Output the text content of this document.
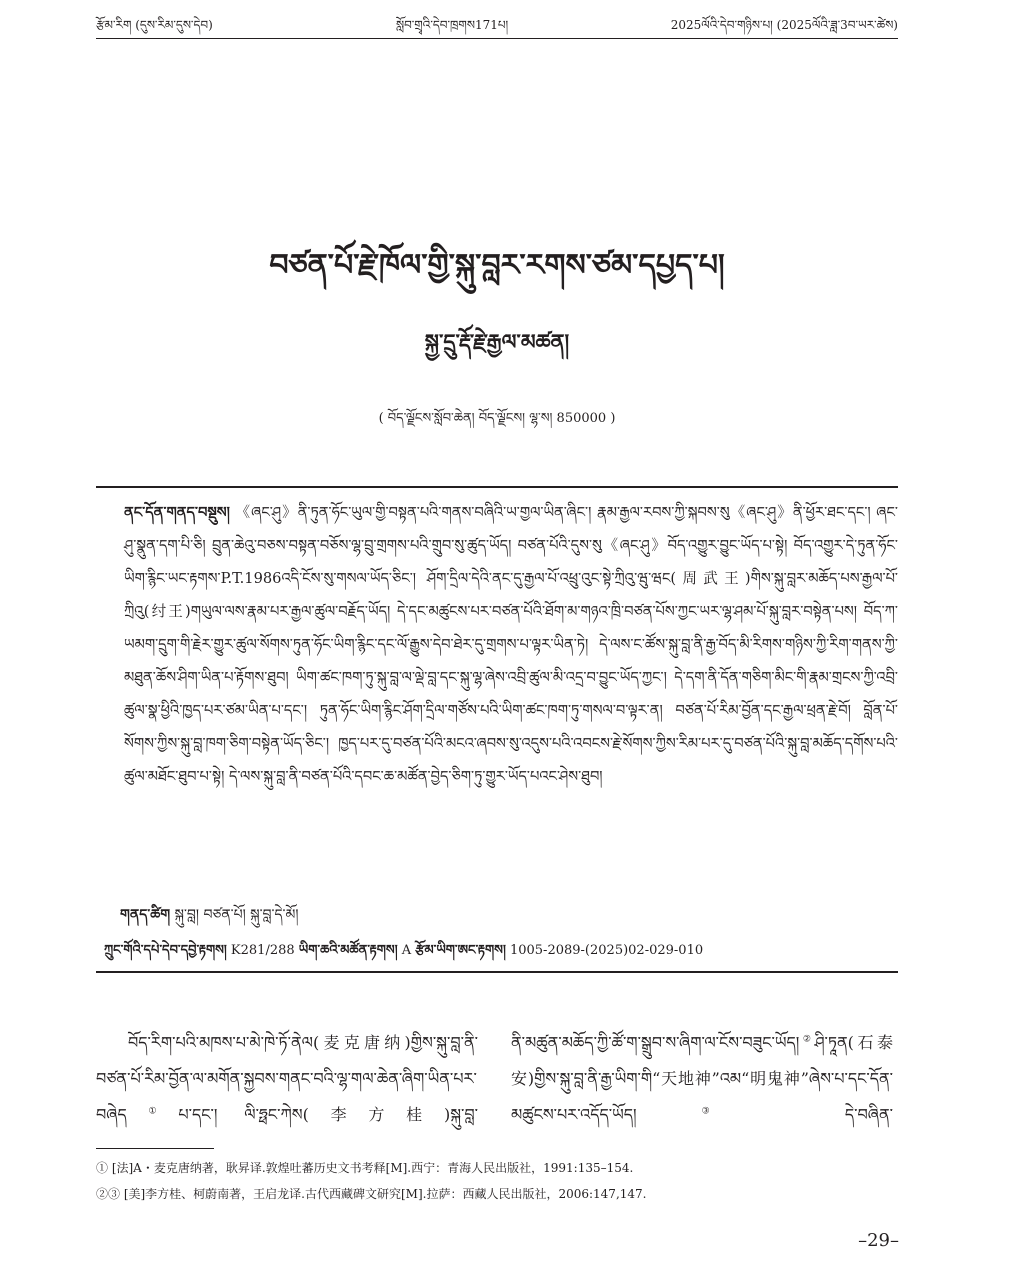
རྩོམ་རིག (དུས་རིམ་དུས་དེབ)	སློབ་གྲྭའི་དེབ་ཁྲགས171པ།	2025ལོའི་དེབ་གཉིས་པ། (2025ལོའི་ཟླ་3བ་ཡར་ཚེས)
བཙན་པོ་རྗེ་ཁོལ་གྱི་སྐུ་བླར་རགས་ཙམ་དཔྱད་པ།
སྐྱ་དྲུ་རྡོ་རྗེ་རྒྱལ་མཚན།
( བོད་ལྗོངས་སློབ་ཆེན། བོད་ལྗོངས། ལྷ་ས། 850000 )
ནང་དོན་གནད་བསྡུས། 《ཞང་ཤུ》ནི་ཏུན་ཧོང་ཡུལ་གྱི་བསྟན་པའི་གནས་བཞིའི་ཡ་གྱལ་ཡིན་ཞིང་། རྣམ་རྒྱལ་རབས་ཀྱི་སྐབས་སུ《ཞང་ཤུ》ནི་ཕྱོར་ཐང་དང་། ཞང་ཤུ་སྣུན་དག་པི་ཅི། བྲུན་ཆེའུ་བཅས་བསྟན་བཅོས་ལྷ་བྲུ་གྲགས་པའི་གྲུབ་སུ་ཚུད་ཡོད། བཙན་པོའི་དུས་སུ《ཞང་ཤུ》བོད་འགྱུར་བྱུང་ཡོད་པ་སྟེ། བོད་འགྱུར་དེ་ཏུན་ཧོང་ཡིག་རྙིང་ཡང་རྟགས་P.T.1986འདི་ངོས་སུ་གསལ་ཡོད་ཅིང་། ཤོག་དྲིལ་དེའི་ནང་དུ་རྒྱལ་པོ་འཕྲུ་འུང་སྟེ་ཀྲིའུ་ཝུ་ཝང(周武王)གིས་སྐུ་བླར་མཆོད་པས་རྒྱལ་པོ་ཀྲིའུ(纣王)གཡུལ་ལས་རྣམ་པར་རྒྱལ་ཚུལ་བརྗོད་ཡོད། དེ་དང་མཚུངས་པར་བཙན་པོའི་ཐོག་མ་གཉའ་ཁྲི་བཙན་པོས་ཀྱང་ཡར་ལྷ་ཤམ་པོ་སྐུ་བླར་བསྟེན་པས། བོད་ཀ་ཡམག་དྲུག་གི་རྗེར་གྱུར་ཚུལ་སོགས་ཏུན་ཧོང་ཡིག་རྙིང་དང་ལོ་རྒྱུས་དེབ་ཐེར་དུ་གྲགས་པ་ལྟར་ཡིན་ཏེ། དེ་ལས་ང་ཚོས་སྐུ་བླ་ནི་རྒྱ་བོད་མི་རིགས་གཉིས་ཀྱི་རིག་གནས་ཀྱི་མཐུན་ཆོས་ཤིག་ཡིན་པ་རྟོགས་ཐུབ། ཡིག་ཚང་ཁག་ཏུ་སྐུ་བླ་ལ་ལྡེ་བླ་དང་སྐུ་ལྷ་ཞེས་འབྲི་ཚུལ་མི་འདྲ་བ་བྱུང་ཡོད་ཀྱང་། དེ་དག་ནི་དོན་གཅིག་མིང་གི་རྣམ་གྲངས་ཀྱི་འབྲི་ཚུལ་སྣ་ཕྱིའི་ཁྱད་པར་ཙམ་ཡིན་པ་དང་། ཏུན་ཧོང་ཡིག་རྙིང་ཤོག་དྲིལ་གཙོས་པའི་ཡིག་ཚང་ཁག་ཏུ་གསལ་བ་ལྟར་ན། བཙན་པོ་རིམ་བྱོན་དང་རྒྱལ་ཕྲན་རྗེ་བོ། བློན་པོ་སོགས་ཀྱིས་སྐུ་བླ་ཁག་ཅིག་བསྟེན་ཡོད་ཅིང་། ཁྱད་པར་དུ་བཙན་པོའི་མངའ་ཞབས་སུ་འདུས་པའི་འབངས་རྗེ་སོགས་ཀྱིས་རིམ་པར་དུ་བཙན་པོའི་སྐུ་བླ་མཆོད་དགོས་པའི་ཚུལ་མཐོང་ཐུབ་པ་སྟེ། དེ་ལས་སྐུ་བླ་ནི་བཙན་པོའི་དབང་ཆ་མཚོན་བྱེད་ཅིག་ཏུ་གྱུར་ཡོད་པའང་ཤེས་ཐུབ།
གནད་ཚིག སྐུ་བླ། བཙན་པོ། སྐུ་བླ་དེ་མོ།
ཀྲུང་གོའི་དཔེ་དེབ་དབྱེ་རྟགས། K281/288 ཡིག་ཆའི་མཚོན་རྟགས། A རྩོམ་ཡིག་ཨང་རྟགས། 1005-2089-(2025)02-029-010
བོད་རིག་པའི་མཁས་པ་མེ་ཁེ་ཏོ་ནེལ(麦克唐纳)གྱིས་སྐུ་བླ་ནི་བཙན་པོ་རིམ་བྱོན་ལ་མགོན་སྐྱབས་གནང་བའི་ལྷ་གལ་ཆེན་ཞིག་ཡིན་པར་བཞེད①པ་དང་། ལི་ཧྥང་ཀེས(李方桂)སྐུ་བླ་
ནི་མཚུན་མཆོད་ཀྱི་ཚོ་ག་སྒྲུབ་ས་ཞིག་ལ་ངོས་བཟུང་ཡོད།②ཤི་ཏཱན(石泰安)གྱིས་སྐུ་བླ་ནི་རྒྱ་ཡིག་གི“天地神”འམ“明鬼神”ཞེས་པ་དང་དོན་མཚུངས་པར་འདོད་ཡོད།③ དེ་བཞིན་
① [法]A・麦克唐纳著，耿昇译.敦煌吐蕃历史文书考释[M].西宁：青海人民出版社，1991:135–154.
②③ [美]李方桂、柯蔚南著，王启龙译.古代西藏碑文研究[M].拉萨：西藏人民出版社，2006:147,147.
–29–
